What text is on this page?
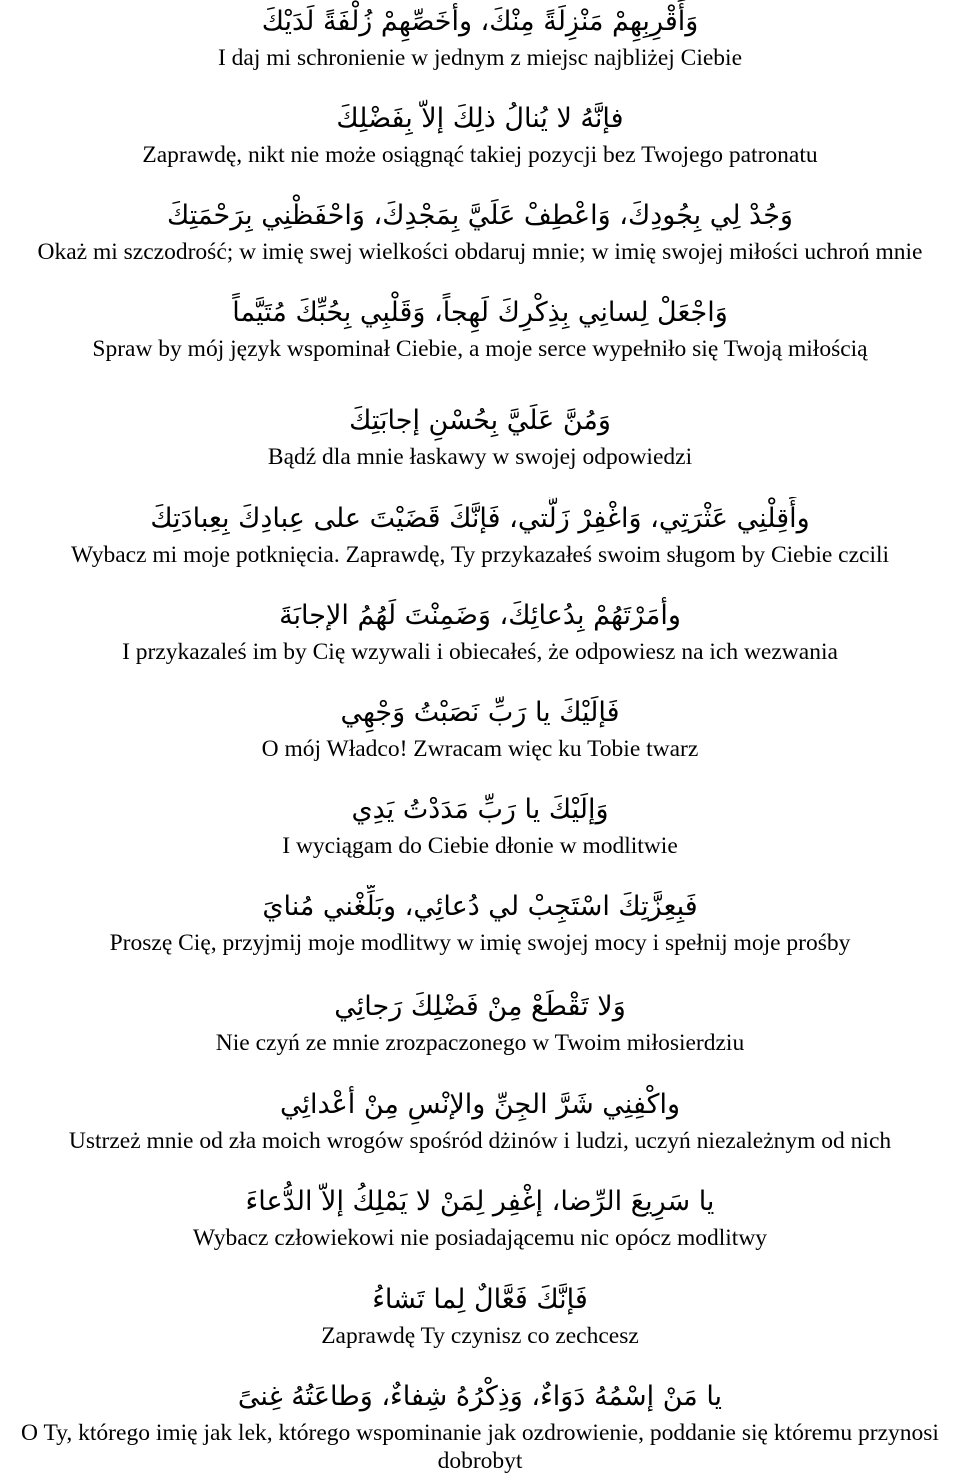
وَأَقْرِبِهِمْ مَنْزِلَةً مِنْكَ، وأخَصِّهِمْ زُلْفَةً لَدَيْكَ
I daj mi schronienie w jednym z miejsc najbliżej Ciebie
فإنَّهُ لا يُنالُ ذلِكَ إلاّ بِفَضْلِكَ
Zaprawdę, nikt nie może osiągnąć takiej pozycji bez Twojego patronatu
وَجُدْ لِي بِجُودِكَ، وَاعْطِفْ عَلَيَّ بِمَجْدِكَ، وَاحْفَظْنِي بِرَحْمَتِكَ
Okaż mi szczodrość; w imię swej wielkości obdaruj mnie; w imię swojej miłości uchroń mnie
وَاجْعَلْ لِسانِي بِذِكْرِكَ لَهِجاً، وَقَلْبِي بِحُبِّكَ مُتَيَّماً
Spraw by mój język wspominał Ciebie, a moje serce wypełniło się Twoją miłością
وَمُنَّ عَلَيَّ بِحُسْنِ إجابَتِكَ
Bądź dla mnie łaskawy w swojej odpowiedzi
وأَقِلْنِي عَثْرَتِي، وَاغْفِرْ زَلَّتي، فَإنَّكَ قَضَيْتَ على عِبادِكَ بِعِبادَتِكَ
Wybacz mi moje potknięcia. Zaprawdę, Ty przykazałeś swoim sługom by Ciebie czcili
وأمَرْتَهُمْ بِدُعائِكَ، وَضَمِنْتَ لَهُمُ الإجابَةَ
I przykazaleś im by Cię wzywali i obiecałeś, że odpowiesz na ich wezwania
فَإلَيْكَ يا رَبِّ نَصَبْتُ وَجْهِي
O mój Władco! Zwracam więc ku Tobie twarz
وَإلَيْكَ يا رَبِّ مَدَدْتُ يَدِي
I wyciągam do Ciebie dłonie w modlitwie
فَبِعِزَّتِكَ اسْتَجِبْ لي دُعائِي، وبَلِّغْني مُنايَ
Proszę Cię, przyjmij moje modlitwy w imię swojej mocy i spełnij moje prośby
وَلا تَقْطَعْ مِنْ فَضْلِكَ رَجائِي
Nie czyń ze mnie zrozpaczonego w Twoim miłosierdziu
واكْفِنِي شَرَّ الجِنِّ والإنْسِ مِنْ أعْدائِي
Ustrzeż mnie od zła moich wrogów spośród dżinów i ludzi, uczyń niezależnym od nich
يا سَرِيعَ الرِّضا، إغْفِر لِمَنْ لا يَمْلِكُ إلاّ الدُّعاءَ
Wybacz człowiekowi nie posiadającemu nic opócz modlitwy
فَإنَّكَ فَعَّالٌ لِما تَشاءُ
Zaprawdę Ty czynisz co zechcesz
يا مَنْ إسْمُهُ دَوَاءٌ، وَذِكْرُهُ شِفاءٌ، وَطاعَتُهُ غِنىً
O Ty, którego imię jak lek, którego wspominanie jak ozdrowienie, poddanie się któremu przynosi dobrobyt
